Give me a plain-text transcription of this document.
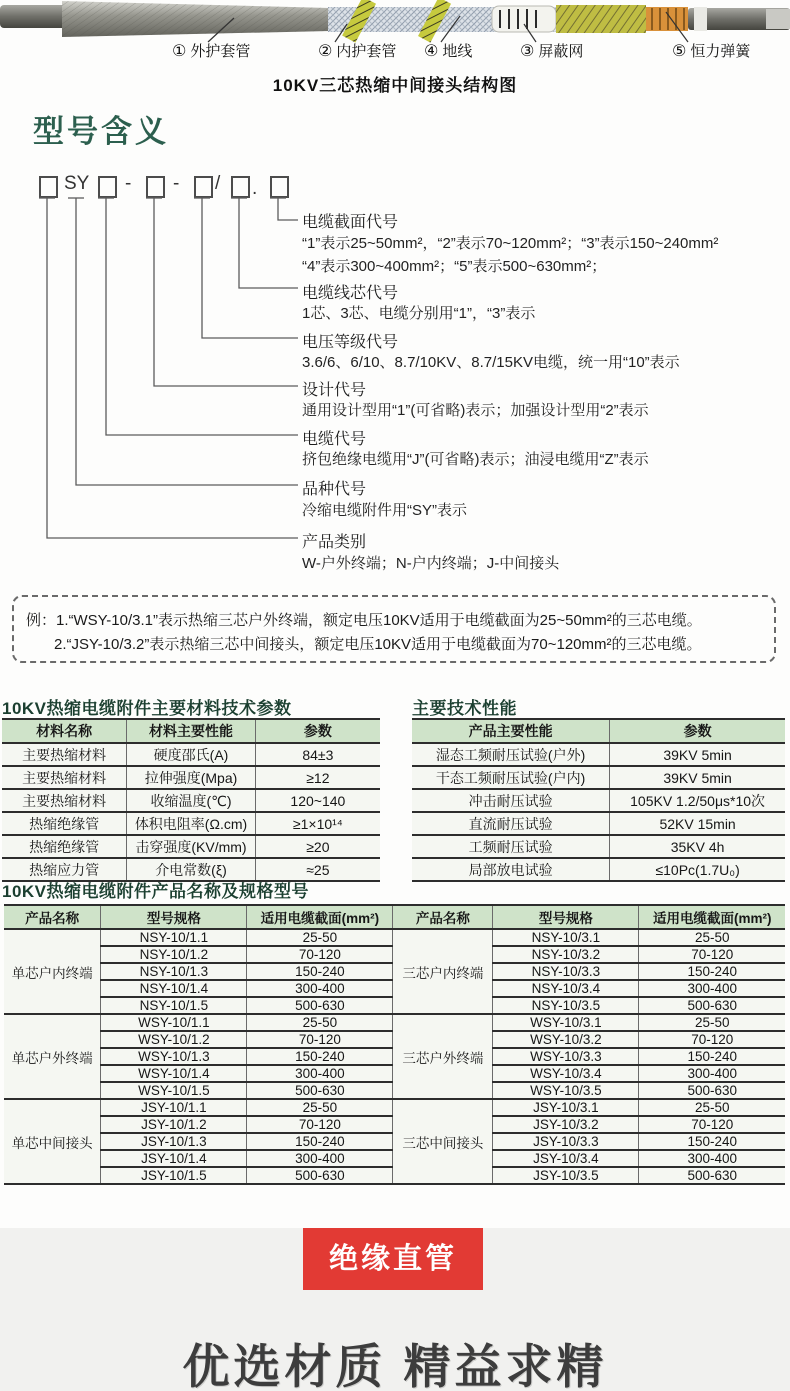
① 外护套管	② 内护套管 ④ 地线	③ 屏蔽网	⑤ 恒力弹簧
10KV三芯热缩中间接头结构图
型号含义
SY - - / .
电缆截面代号
“1”表示25~50mm²，“2”表示70~120mm²；“3”表示150~240mm²
“4”表示300~400mm²；“5”表示500~630mm²；
电缆线芯代号
1芯、3芯、电缆分别用“1”，“3”表示
电压等级代号
3.6/6、6/10、8.7/10KV、8.7/15KV电缆，统一用“10”表示
设计代号
通用设计型用“1”(可省略)表示；加强设计型用“2”表示
电缆代号
挤包绝缘电缆用“J”(可省略)表示；油浸电缆用“Z”表示
品种代号
冷缩电缆附件用“SY”表示
产品类别
W-户外终端；N-户内终端；J-中间接头
例：1.“WSY-10/3.1”表示热缩三芯户外终端，额定电压10KV适用于电缆截面为25~50mm²的三芯电缆。
2.“JSY-10/3.2”表示热缩三芯中间接头，额定电压10KV适用于电缆截面为70~120mm²的三芯电缆。
10KV热缩电缆附件主要材料技术参数
材料名称	材料主要性能	参数
主要热缩材料	硬度邵氏(A)	84±3
主要热缩材料	拉伸强度(Mpa)	≥12
主要热缩材料	收缩温度(℃)	120~140
热缩绝缘管	体积电阻率(Ω.cm)	≥1×10¹⁴
热缩绝缘管	击穿强度(KV/mm)	≥20
热缩应力管	介电常数(ξ)	≈25
主要技术性能
产品主要性能	参数
湿态工频耐压试验(户外)	39KV 5min
干态工频耐压试验(户内)	39KV 5min
冲击耐压试验	105KV 1.2/50μs*10次
直流耐压试验	52KV 15min
工频耐压试验	35KV 4h
局部放电试验	≤10Pc(1.7U₀)
10KV热缩电缆附件产品名称及规格型号
产品名称	型号规格	适用电缆截面(mm²)	产品名称	型号规格	适用电缆截面(mm²)
单芯户内终端	NSY-10/1.1	25-50	三芯户内终端	NSY-10/3.1	25-50
	NSY-10/1.2	70-120		NSY-10/3.2	70-120
	NSY-10/1.3	150-240		NSY-10/3.3	150-240
	NSY-10/1.4	300-400		NSY-10/3.4	300-400
	NSY-10/1.5	500-630		NSY-10/3.5	500-630
单芯户外终端	WSY-10/1.1	25-50	三芯户外终端	WSY-10/3.1	25-50
	WSY-10/1.2	70-120		WSY-10/3.2	70-120
	WSY-10/1.3	150-240		WSY-10/3.3	150-240
	WSY-10/1.4	300-400		WSY-10/3.4	300-400
	WSY-10/1.5	500-630		WSY-10/3.5	500-630
单芯中间接头	JSY-10/1.1	25-50	三芯中间接头	JSY-10/3.1	25-50
	JSY-10/1.2	70-120		JSY-10/3.2	70-120
	JSY-10/1.3	150-240		JSY-10/3.3	150-240
	JSY-10/1.4	300-400		JSY-10/3.4	300-400
	JSY-10/1.5	500-630		JSY-10/3.5	500-630
绝缘直管
优选材质 精益求精
